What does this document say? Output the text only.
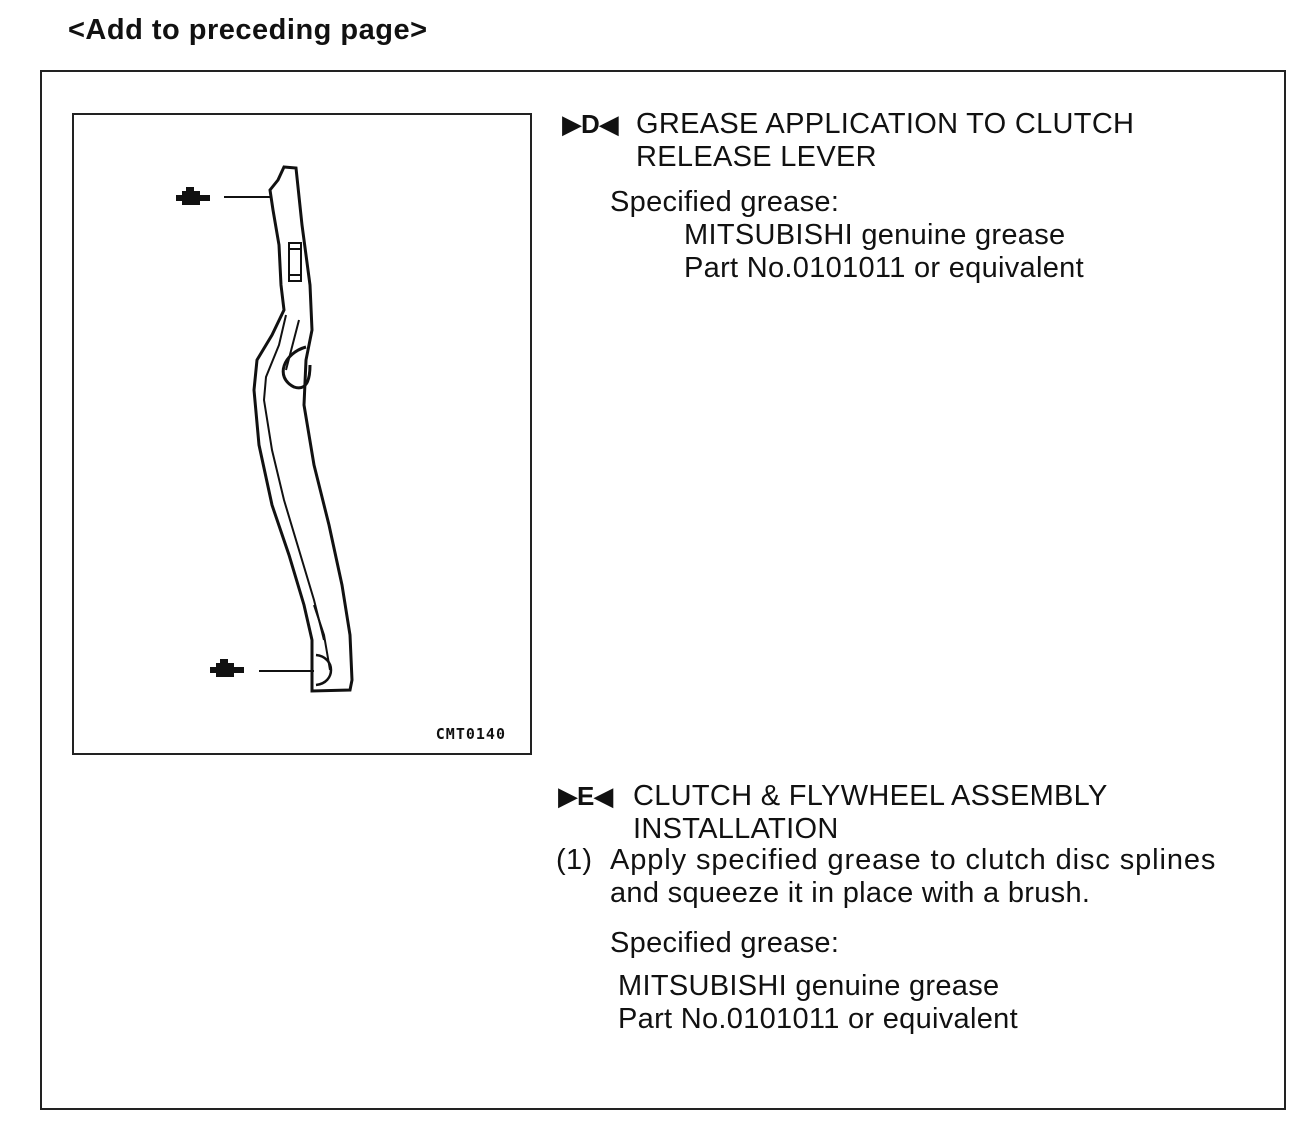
<Add to preceding page>
CMT0140
▶D◀ GREASE APPLICATION TO CLUTCH
RELEASE LEVER
Specified grease:
MITSUBISHI genuine grease
Part No.0101011 or equivalent
▶E◀ CLUTCH & FLYWHEEL ASSEMBLY
INSTALLATION
(1) Apply specified grease to clutch disc splines
and squeeze it in place with a brush.
Specified grease:
MITSUBISHI genuine grease
Part No.0101011 or equivalent
